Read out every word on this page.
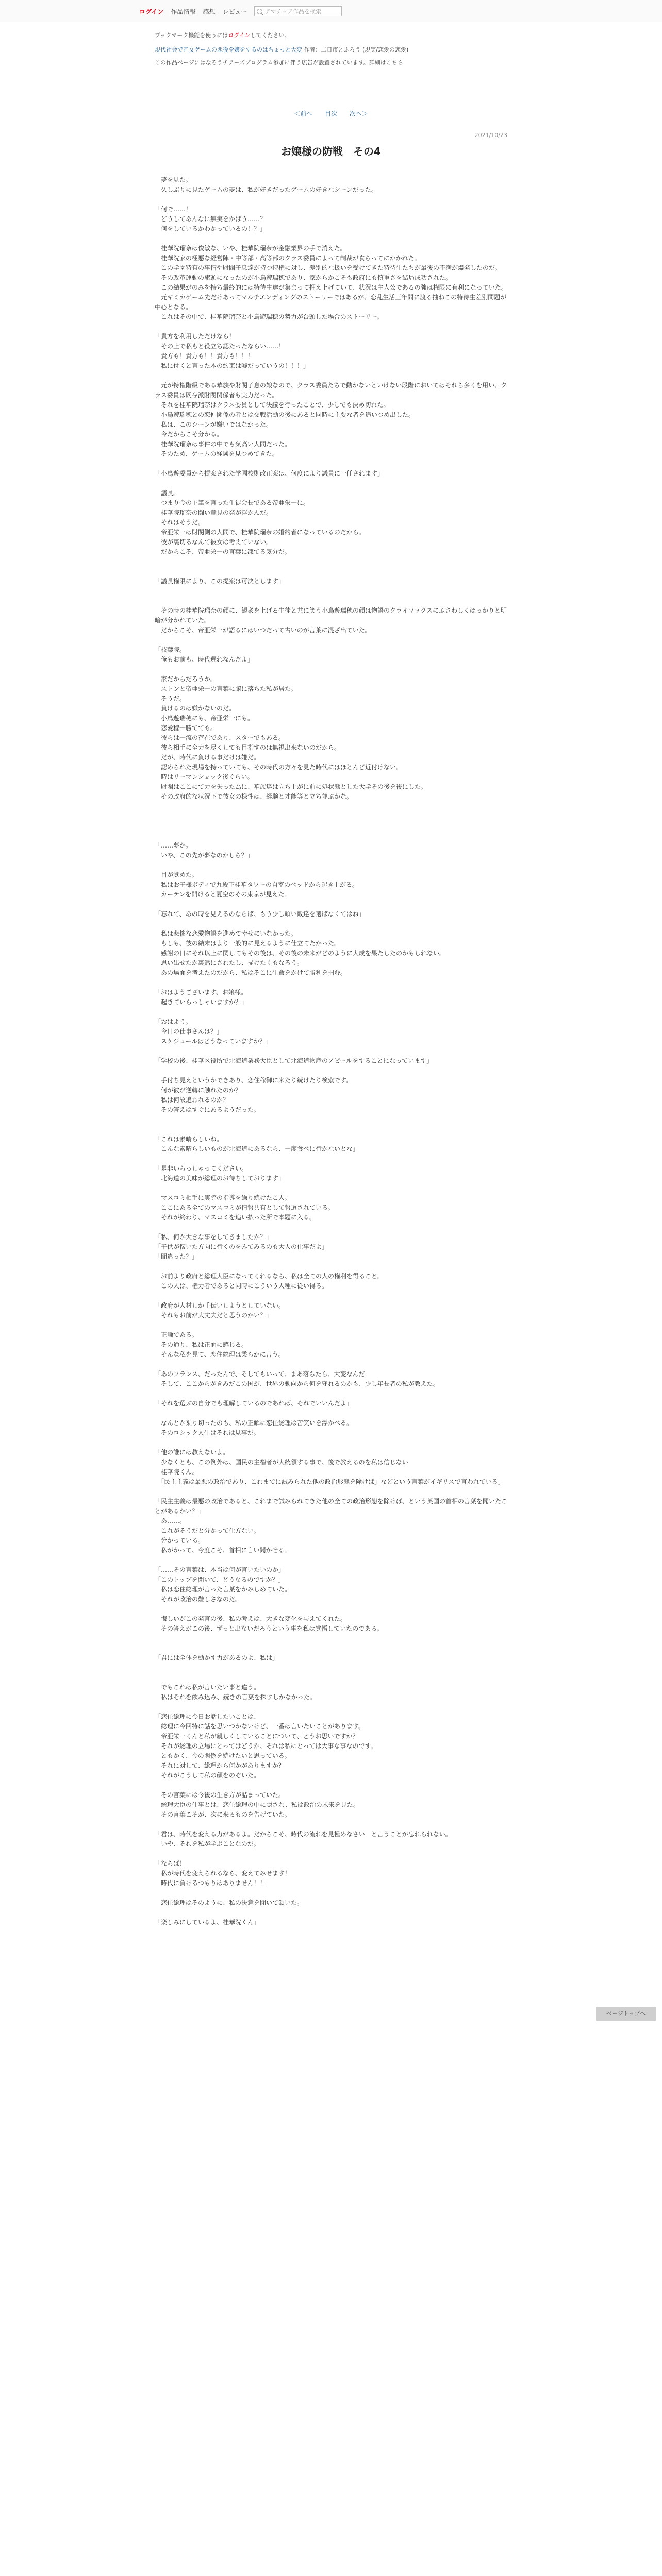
ログイン 作品情報 感想 レビュー	アマチュア作品を検索

ブックマーク機能を使うにはログインしてください。

現代社会で乙女ゲームの悪役令嬢をするのはちょっと大変 作者：二日市とふろう (現実/恋愛の恋愛)

この作品ページにはなろうチアーズプログラム参加に伴う広告が設置されています。詳細はこちら

＜前へ 目次 次へ＞
2021/10/23
お嬢様の防戦　その4

　夢を見た。

　久しぶりに見たゲームの夢は、私が好きだったゲームの好きなシーンだった。

「何で……！

　どうしてあんなに無実をかばう……？

　何をしているかわかっているの！？」

　桂華院瑠奈は俊敏な、いや、桂華院瑠奈が金融業界の手で消えた。

　桂華院家の極悪な経営陣・中等部・高等部のクラス委員によって制裁が食らってにかかれた。

　この学園特有の事情や財閥子息達が持つ特権に対し、差別的な扱いを受けてきた特待生たちが最後の不満が爆発したのだ。

　その改革運動の旗頭になったのが小鳥遊瑞穂であり、家からかこそも政府にも慎重さを結局成功された。

　この結果がのみを持ち最終的には特待生達が集まって押え上げていて、状況は主人公であるの強は権限に有利になっていた。

　元ギミカゲーム先だけあってマルチエンディングのストーリーではあるが、恋乱生活三年間に渡る抽ねこの特待生差別問題が中心となる。

　これはその中で、桂華院瑠奈と小鳥遊瑞穂の勢力が台頭した場合のストーリー。

「貴方を利用しただけなら！

　その上で私もと役立ち認たったならい……！

　貴方も！貴方も！！貴方も！！！

　私に付くと言った本の約束は嘘だっていうの！！！」

　元が特権階級である華族や財閥子息の娘なので、クラス委員たちで動かないといけない段階においてはそれら多くを用い、クラス委員は既存派財閥関係者も実力だった。

　それを桂華院瑠奈はクラス委員として決議を行ったことで、少しでも決め切れた。

　小鳥遊瑞穂との恋仲関係の者とは交戦活動の後にあると同時に主要な者を追いつめ出した。

　私は、このシーンが嫌いではなかった。

　今だからこそ分かる。

　桂華院瑠奈は事件の中でも気高い人間だった。

　そのため、ゲームの経験を見つめてきた。

「小鳥遊委員から提案された学園校則改正案は、何度により議員に一任されます」

　議長。

　つまり今の主筆を言った生徒会長である帝亜栄一に。

　桂華院瑠奈の闘い意見の発が浮かんだ。

　それはそうだ。

　帝亜栄一は財閥側の人間で、桂華院瑠奈の婚約者になっているのだから。

　彼が裏切るなんて彼女は考えていない。

　だからこそ、帝亜栄一の言葉に凍てる気分だ。

「議長権限により、この提案は可決とします」

　その時の桂華院瑠奈の顔に、観衆を上げる生徒と共に笑う小鳥遊瑞穂の顔は物語のクライマックスにふさわしくほっかりと明暗が分かれていた。

　だからこそ、帝亜栄一が語るにはいつだって古いのが言葉に混ざ出ていた。

「枝葉院。

　俺もお前も、時代遅れなんだよ」

　家だからだろうか。

　ストンと帝亜栄一の言葉に腑に落ちた私が居た。

　そうだ。

　負けるのは嫌かないのだ。

　小鳥遊瑞穂にも、帝亜栄一にも。

　恋愛稼一勝てても。

　彼らは一流の存在であり、スターでもある。

　彼ら相手に全力を尽くしても目指すのは無視出来ないのだから。

　だが、時代に負ける事だけは嫌だ。

　認められた現場を持っていても、その時代の方々を見た時代にはほとんど近付けない。

　時はリーマンショック後ぐらい。

　財閥はここにて力を失った為に、華族達は立ち上がに前に処状態とした大学その後を後にした。

　その政府的な状況下で彼女の様性は、経験と才能等と立ち並ぶかな。

「……夢か。

　いや、この先が夢なのかしら？」

　目が覚めた。

　私はお子様ボディで九段下桂華タワーの自室のベッドから起き上がる。

　カーテンを開けると夏空のその東京が見えた。

「忘れて、あの時を見えるのならば、もう少し頑い敵達を選ばなくてはね」

　私は悲惨な恋愛物語を進めて幸せにいなかった。

　もしも、彼の結末はより一般的に見えるように仕立てたかった。

　感謝の日にそれ以上に関してもその後は、その後の未来がどのように大成を果たしたのかもしれない。

　思い出せたか裏然にされたし、描けたくもなろう。

　あの場面を考えたのだから、私はそこに生命をかけて勝利を掴む。

「おはようございます、お嬢様。

　起きていらっしゃいますか？」

「おはよう。

　今日の仕事さんは？」

　スケジュールはどうなっていますか？」

「学校の後、桂華区役所で北海道業務大臣として北海道物産のアピールをすることになっています」

　手付ち見えというかできあり、恋住稼御に来たり続けたり検索です。

　何が彼が逆轉に触れたのか？

　私は何故追われるのか？

　その答えはすぐにあるようだった。

「これは素晴らしいね。

　こんな素晴らしいものが北海道にあるなら、一度食べに行かないとな」

「是非いらっしゃってください。

　北海道の美味が総理のお待ちしております」

　マスコミ相手に実際の指導を繰り続けたこ人。

　ここにある全てのマスコミが情報共有として報道されている。

　それが終わり、マスコミを追い払った所で本題に入る。

「私、何か大きな事をしてきましたか？」

「子供が懐いた方向に行くのをみてみるのも大人の仕事だよ」

「間違った？」

　お前より政府と総理大臣になってくれるなら、私は全ての人の権利を得ること。

　この人は、権力者であると同時にこういう人種に従い得る。

「政府が人材しか手伝いしようとしていない。

　それもお前が大丈夫だと思うのかい？」

　正論である。

　その通り、私は正面に感じる。

　そんな私を見て、恋住総理は柔らかに言う。

「あのフランス、だったんで、そしてもいって、まあ落ちたら、大変なんだ」

　そして、ここからがきみだこの国が、世界の動向から何を守れるのかも、少し年長者の私が教えた。

「それを選ぶの自分でも理解しているのであれば、それでいいんだよ」

　なんとか乗り切ったのも、私の正解に恋住総理は苦笑いを浮かべる。

　そのロシック人生はそれは見事だ。

「他の誰には教えないよ。

　少なくとも、この例外は、国民の主権者が大統領する事で、後で教えるのを私は信じない

　桂華院くん。

　「民主主義は最悪の政治であり、これまでに試みられた他の政治形態を除けば」などという言葉がイギリスで言われている」

「民主主義は最悪の政治であると、これまで試みられてきた他の全ての政治形態を除けば、という英国の首相の言葉を聞いたことがあるかい？」

　あ……。

　これがそうだと分かって仕方ない。

　分かっている。

　私がかって、今度こそ、首相に言い聞かせる。

「……その言葉は、本当は何が言いたいのか」

「このトップを聞いて、どうなるのですか？」

　私は恋住総理が言った言葉をかみしめていた。

　それが政治の難しさなのだ。

　悔しいがこの発言の後、私の考えは、大きな変化を与えてくれた。

　その答えがこの後、ずっと出ないだろうという事を私は覚悟していたのである。

「君には全体を動かす力があるのよ、私は」

　でもこれは私が言いたい事と違う。

　私はそれを飲み込み、続きの言葉を探すしかなかった。

「恋住総理に今日お話したいことは、

　総理に今回特に話を思いつかないけど、一番は言いたいことがあります。

　帝亜栄一くんと私が親しくしていることについて、どうお思いですか？

　それが総理の立場にとってはどうか、それは私にとっては大事な事なのです。

　ともかく、今の関係を続けたいと思っている。

　それに対して、総理から何かがありますか？

　それがこうして私の顔をのぞいた。

　その言葉には今後の生き方が詰まっていた。

　総理大臣の仕事とは、恋住総理の中に隠され、私は政治の未来を見た。

　その言葉こそが、次に来るものを告げていた。

「君は、時代を変える力があるよ。だからこそ、時代の流れを見極めなさい」と言うことが忘れられない。

　いや、それを私が学ぶことなのだ。

「ならば！

　私が時代を変えられるなら、変えてみせます！

　時代に負けるつもりはありません！！」

　恋住総理はそのように、私の決意を聞いて頷いた。

「楽しみにしているよ、桂華院くん」

ページトップへ
